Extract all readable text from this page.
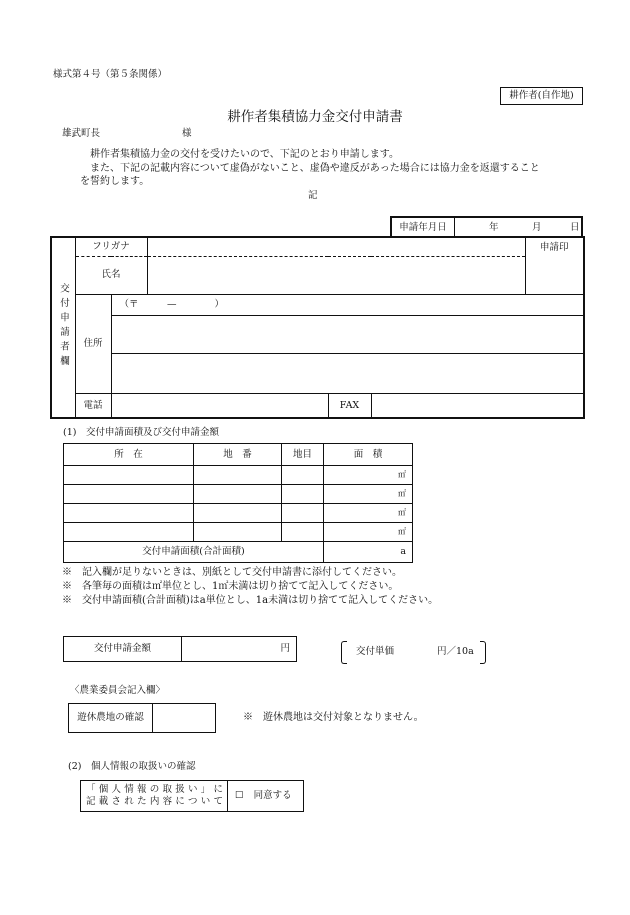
様式第４号（第５条関係）
耕作者(自作地)
耕作者集積協力金交付申請書
雄武町長	様
耕作者集積協力金の交付を受けたいので、下記のとおり申請します。
また、下記の記載内容について虚偽がないこと、虚偽や違反があった場合には協力金を返還すること
を誓約します。
記
申請年月日	年	月	日
交付申請者欄	フリガナ					申請印
	氏名					
	住所	（〒　　　—　　　　）				

	電話			FAX		
(1)　交付申請面積及び交付申請金額
所　在	地　番	地目	面　積
			㎡
			㎡
			㎡
			㎡
交付申請面積(合計面積)			a
※　記入欄が足りないときは、別紙として交付申請書に添付してください。
※　各筆毎の面積は㎡単位とし、1㎡未満は切り捨てて記入してください。
※　交付申請面積(合計面積)はa単位とし、1a未満は切り捨てて記入してください。
交付申請金額	円	交付単価	円／10a
〈農業委員会記入欄〉
遊休農地の確認	※　遊休農地は交付対象となりません。
(2)　個人情報の取扱いの確認
「個人情報の取扱い」に
記載された内容について
☐ 同意する
